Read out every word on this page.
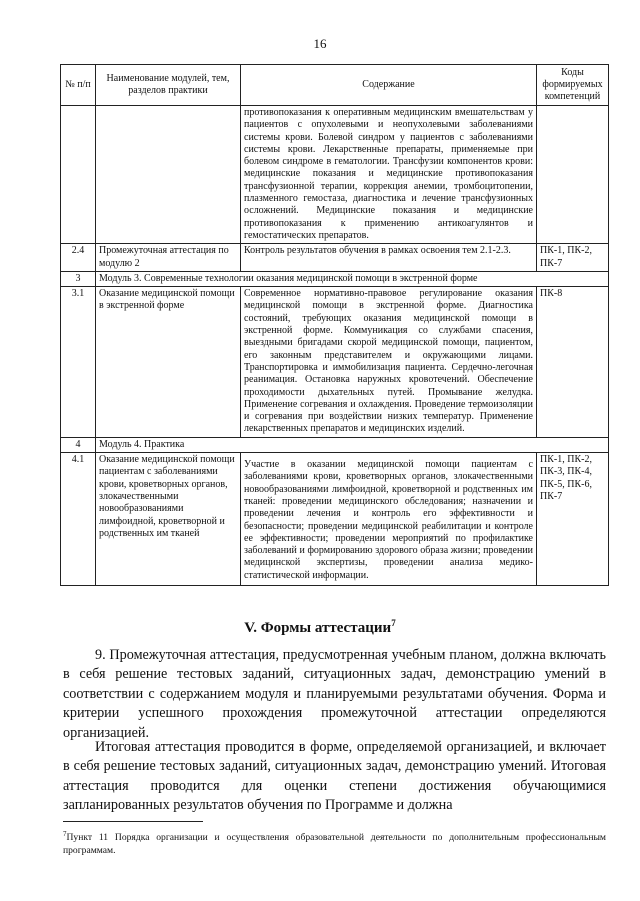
16
№ п/п	Наименование модулей, тем, разделов практики	Содержание	Коды формируемых компетенций
		противопоказания к оперативным медицинским вмешательствам у пациентов с опухолевыми и неопухолевыми заболеваниями системы крови. Болевой синдром у пациентов с заболеваниями системы крови. Лекарственные препараты, применяемые при болевом синдроме в гематологии. Трансфузии компонентов крови: медицинские показания и медицинские противопоказания трансфузионной терапии, коррекция анемии, тромбоцитопении, плазменного гемостаза, диагностика и лечение трансфузионных осложнений. Медицинские показания и медицинские противопоказания к применению антикоагулянтов и гемостатических препаратов.	
2.4	Промежуточная аттестация по модулю 2	Контроль результатов обучения в рамках освоения тем 2.1-2.3.	ПК-1, ПК-2, ПК-7
3	Модуль 3. Современные технологии оказания медицинской помощи в экстренной форме		
3.1	Оказание медицинской помощи в экстренной форме	Современное нормативно-правовое регулирование оказания медицинской помощи в экстренной форме. Диагностика состояний, требующих оказания медицинской помощи в экстренной форме. Коммуникация со службами спасения, выездными бригадами скорой медицинской помощи, пациентом, его законным представителем и окружающими лицами. Транспортировка и иммобилизация пациента. Сердечно-легочная реанимация. Остановка наружных кровотечений. Обеспечение проходимости дыхательных путей. Промывание желудка. Применение согревания и охлаждения. Проведение термоизоляции и согревания при воздействии низких температур. Применение лекарственных препаратов и медицинских изделий.	ПК-8
4	Модуль 4. Практика		
4.1	Оказание медицинской помощи пациентам с заболеваниями крови, кроветворных органов, злокачественными новообразованиями лимфоидной, кроветворной и родственных им тканей	Участие в оказании медицинской помощи пациентам с заболеваниями крови, кроветворных органов, злокачественными новообразованиями лимфоидной, кроветворной и родственных им тканей: проведении медицинского обследования; назначении и проведении лечения и контроль его эффективности и безопасности; проведении медицинской реабилитации и контроле ее эффективности; проведении мероприятий по профилактике заболеваний и формированию здорового образа жизни; проведении медицинской экспертизы, проведении анализа медико-статистической информации.	ПК-1, ПК-2, ПК-3, ПК-4, ПК-5, ПК-6, ПК-7
V. Формы аттестации$^7$

9. Промежуточная аттестация, предусмотренная учебным планом, должна включать в себя решение тестовых заданий, ситуационных задач, демонстрацию умений в соответствии с содержанием модуля и планируемыми результатами обучения. Форма и критерии успешного прохождения промежуточной аттестации определяются организацией.

Итоговая аттестация проводится в форме, определяемой организацией, и включает в себя решение тестовых заданий, ситуационных задач, демонстрацию умений. Итоговая аттестация проводится для оценки степени достижения обучающимися запланированных результатов обучения по Программе и должна

$^7$Пункт 11 Порядка организации и осуществления образовательной деятельности по дополнительным профессиональным программам.
